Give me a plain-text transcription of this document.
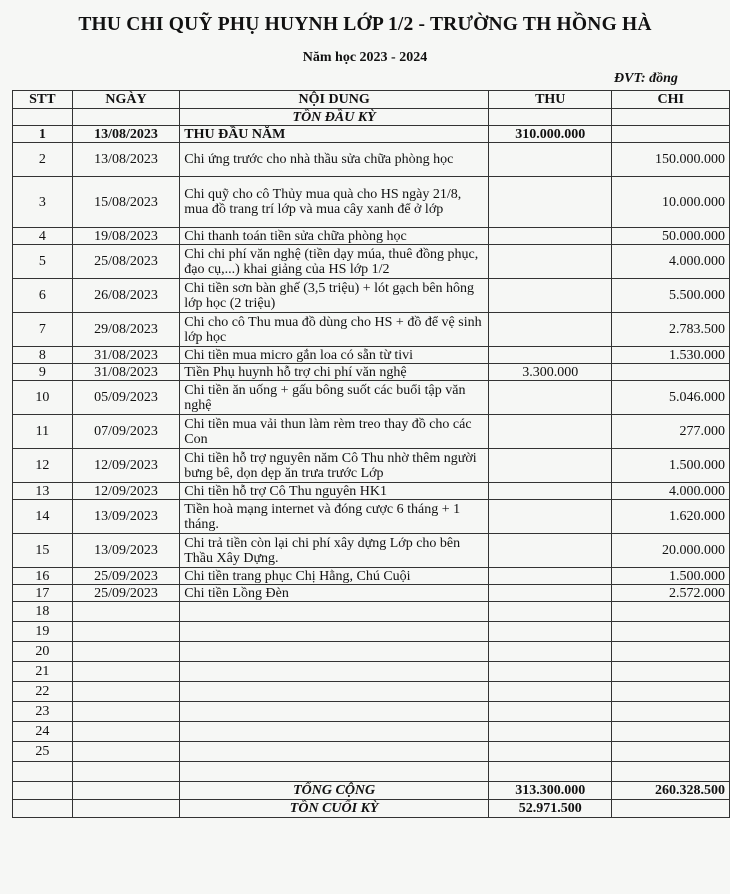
THU CHI QUỸ PHỤ HUYNH LỚP 1/2 - TRƯỜNG TH HỒNG HÀ
Năm học 2023 - 2024
ĐVT: đồng
STT	NGÀY	NỘI DUNG	THU	CHI
		TỒN ĐẦU KỲ		
1	13/08/2023	THU ĐẦU NĂM	310.000.000	
2	13/08/2023	Chi ứng trước cho nhà thầu sửa chữa phòng học		150.000.000
3	15/08/2023	Chi quỹ cho cô Thủy mua quà cho HS ngày 21/8, mua đồ trang trí lớp và mua cây xanh để ở lớp		10.000.000
4	19/08/2023	Chi thanh toán tiền sửa chữa phòng học		50.000.000
5	25/08/2023	Chi chi phí văn nghệ (tiền dạy múa, thuê đồng phục, đạo cụ,...) khai giảng của HS lớp 1/2		4.000.000
6	26/08/2023	Chi tiền sơn bàn ghế (3,5 triệu) + lót gạch bên hông lớp học (2 triệu)		5.500.000
7	29/08/2023	Chi cho cô Thu mua đồ dùng cho HS + đồ để vệ sinh lớp học		2.783.500
8	31/08/2023	Chi tiền mua micro gắn loa có sẵn từ tivi		1.530.000
9	31/08/2023	Tiền Phụ huynh hỗ trợ chi phí văn nghệ	3.300.000	
10	05/09/2023	Chi tiền ăn uống + gấu bông suốt các buổi tập văn nghệ		5.046.000
11	07/09/2023	Chi tiền mua vải thun làm rèm treo thay đồ cho các Con		277.000
12	12/09/2023	Chi tiền hỗ trợ nguyên năm Cô Thu nhờ thêm người bưng bê, dọn dẹp ăn trưa trước Lớp		1.500.000
13	12/09/2023	Chi tiền hỗ trợ Cô Thu nguyên HK1		4.000.000
14	13/09/2023	Tiền hoà mạng internet và đóng cược 6 tháng + 1 tháng.		1.620.000
15	13/09/2023	Chi trả tiền còn lại chi phí xây dựng Lớp cho bên Thầu Xây Dựng.		20.000.000
16	25/09/2023	Chi tiền trang phục Chị Hằng, Chú Cuội		1.500.000
17	25/09/2023	Chi tiền Lồng Đèn		2.572.000
18				
19				
20				
21				
22				
23				
24				
25				

		TỔNG CỘNG	313.300.000	260.328.500
		TỒN CUỐI KỲ	52.971.500	
